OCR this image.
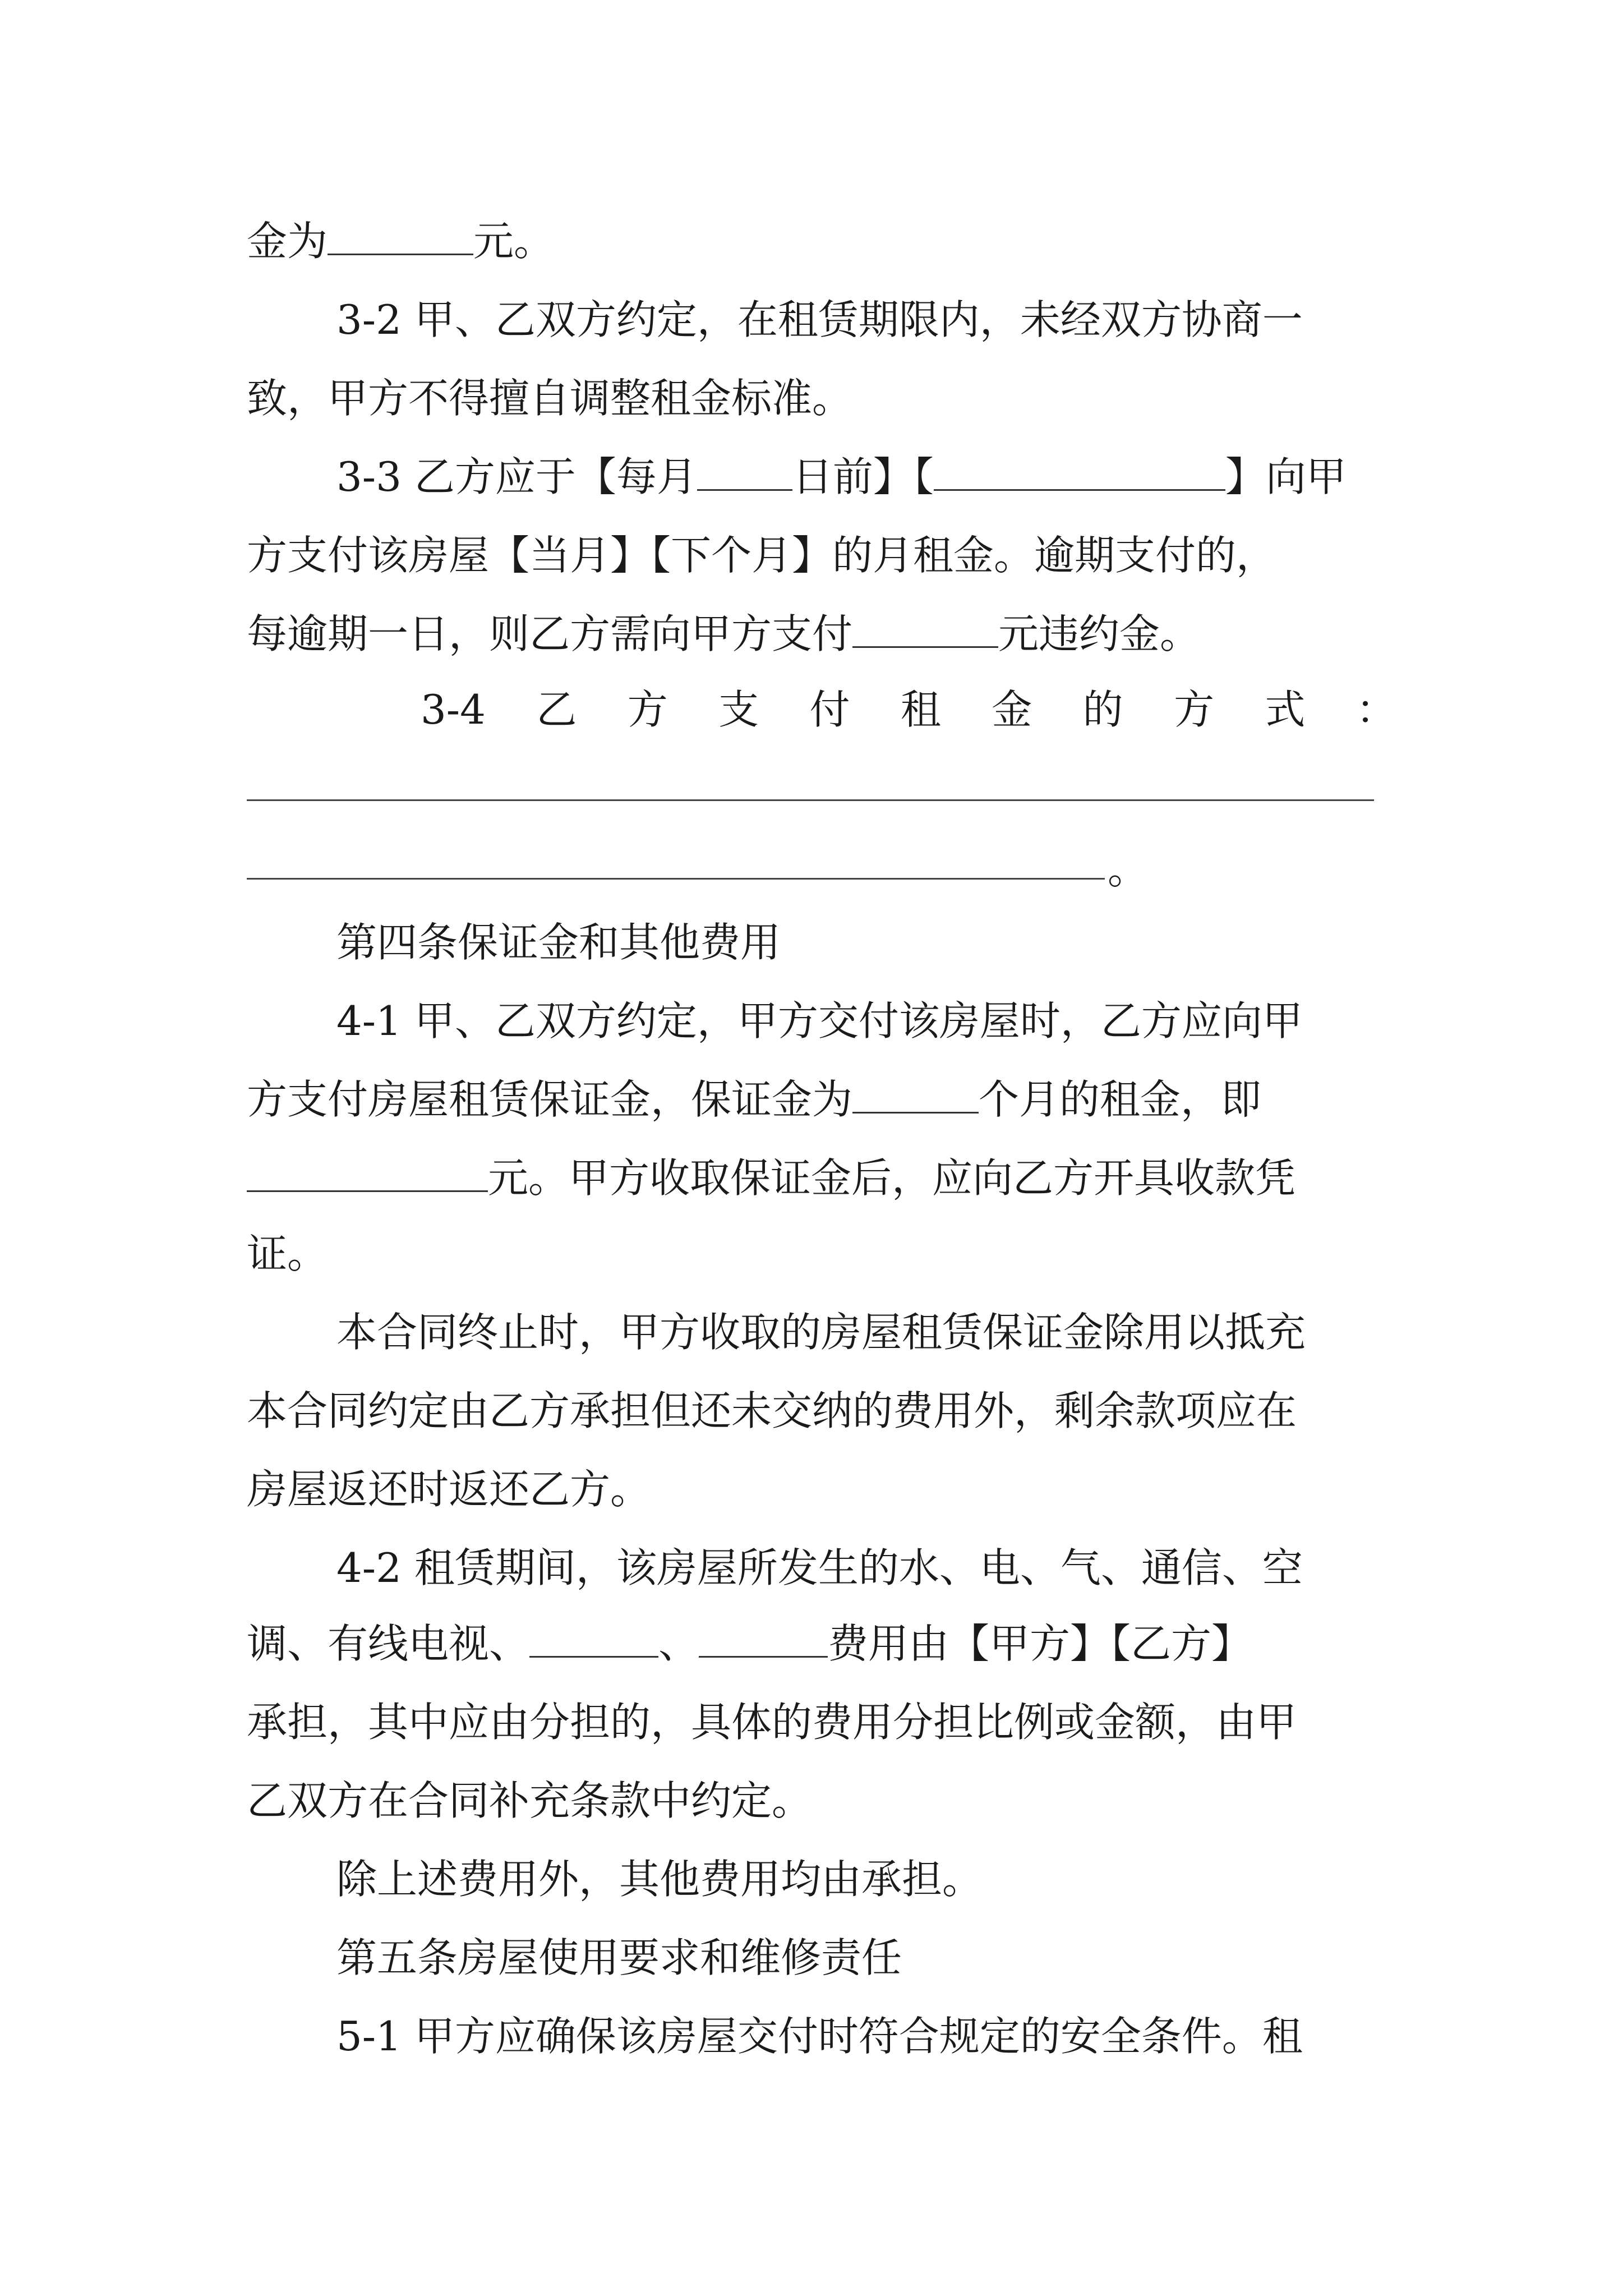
金为	元。
3-2 甲、乙双方约定，在租赁期限内，未经双方协商一
致，甲方不得擅自调整租金标准。
3-3 乙方应于【每月 日前】【	】向甲
方支付该房屋【当月】【下个月】的月租金。逾期支付的，
每逾期一日，则乙方需向甲方支付	元违约金。
3-4 乙 方 支 付 租 金 的 方 式 ：
。
第四条保证金和其他费用
4-1 甲、乙双方约定，甲方交付该房屋时，乙方应向甲
方支付房屋租赁保证金，保证金为	个月的租金，即
元。甲方收取保证金后，应向乙方开具收款凭
证。
本合同终止时，甲方收取的房屋租赁保证金除用以抵充
本合同约定由乙方承担但还未交纳的费用外，剩余款项应在
房屋返还时返还乙方。
4-2 租赁期间，该房屋所发生的水、电、气、通信、空
调、有线电视、	、	费用由【甲方】【乙方】
承担，其中应由分担的，具体的费用分担比例或金额，由甲
乙双方在合同补充条款中约定。
除上述费用外，其他费用均由承担。
第五条房屋使用要求和维修责任
5-1 甲方应确保该房屋交付时符合规定的安全条件。租
